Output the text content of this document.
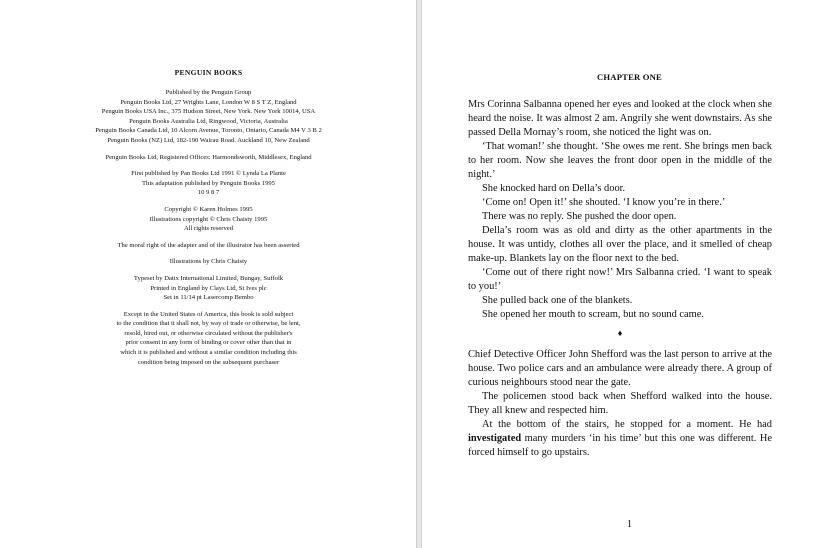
PENGUIN BOOKS
Published by the Penguin Group
Penguin Books Ltd, 27 Wrights Lane, London W 8 S T Z, England
Penguin Books USA Inc., 375 Hudson Street, New York. New York 10014, USA
Penguin Books Australia Ltd, Ringwood, Victoria, Australia
Penguin Books Canada Ltd, 10 Alcorn Avenue, Toronto, Ontario, Canada M4 V 3 B 2
Penguin Books (NZ) Ltd, 182-190 Wairau Road. Auckland 10, New Zealand
Penguin Books Ltd, Registered Offices: Harmondsworth, Middlesex, England
First published by Pan Books Ltd 1991 © Lynda La Plante
This adaptation published by Penguin Books 1995
10 9 8 7
Copyright © Karen Holmes 1995
Illustrations copyright © Chris Chaisty 1995
All rights reserved
The moral right of the adapter and of the illustrator has been asserted
Illustrations by Chris Chaisty
Typeset by Datix International Limited, Bungay, Suffolk
Printed in England by Clays Ltd, St Ives plc
Set in 11/14 pt Lasercomp Bembo
Except in the United States of America, this book is sold subject
to the condition that it shall not, by way of trade or otherwise, be lent,
resold, hired out, or otherwise circulated without the publisher's
prior consent in any form of binding or cover other than that in
which it is published and without a similar condition including this
condition being imposed on the subsequent purchaser
CHAPTER ONE

Mrs Corinna Salbanna opened her eyes and looked at the clock when she heard the noise. It was almost 2 am. Angrily she went downstairs. As she passed Della Mornay’s room, she noticed the light was on.

‘That woman!’ she thought. ‘She owes me rent. She brings men back to her room. Now she leaves the front door open in the middle of the night.’

She knocked hard on Della’s door.

‘Come on! Open it!’ she shouted. ‘I know you’re in there.’

There was no reply. She pushed the door open.

Della’s room was as old and dirty as the other apartments in the house. It was untidy, clothes all over the place, and it smelled of cheap make-up. Blankets lay on the floor next to the bed.

‘Come out of there right now!’ Mrs Salbanna cried. ‘I want to speak to you!’

She pulled back one of the blankets.

She opened her mouth to scream, but no sound came.

♦

Chief Detective Officer John Shefford was the last person to arrive at the house. Two police cars and an ambulance were already there. A group of curious neighbours stood near the gate.

The policemen stood back when Shefford walked into the house. They all knew and respected him.

At the bottom of the stairs, he stopped for a moment. He had investigated many murders ‘in his time’ but this one was different. He forced himself to go upstairs.

1
